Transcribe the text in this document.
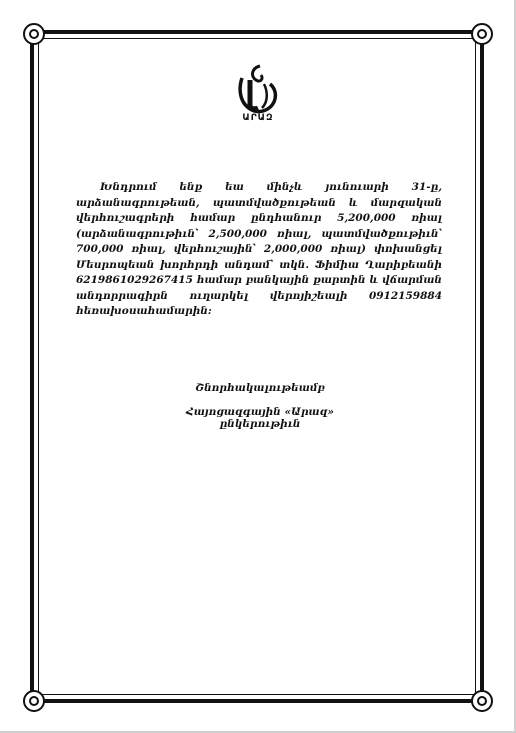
ԱՐԱԶ
Խնդրում ենք եա մինչև յունուարի 31-ը, արձանագրութեան, պատմվածքութեան և մարզական վերհուշագրերի համար ընդհանուր 5,200,000 ռիալ (արձանագրութիւն՝ 2,500,000 ռիալ, պատմվածքութիւն՝ 700,000 ռիալ, վերհուշային՝ 2,000,000 ռիալ) փոխանցել Մեսրոպեան խորհրդի անդամ՝ տկն. Ֆիմիա Ղարիբեանի 6219861029267415 համար բանկային քարտին և վճարման անդորրագիրն ուղարկել վերոյիշեալի 0912159884 հեռախօսահամարին:
Շնորհակալութեամբ
Հայոցազգային «Արազ» ընկերութիւն
